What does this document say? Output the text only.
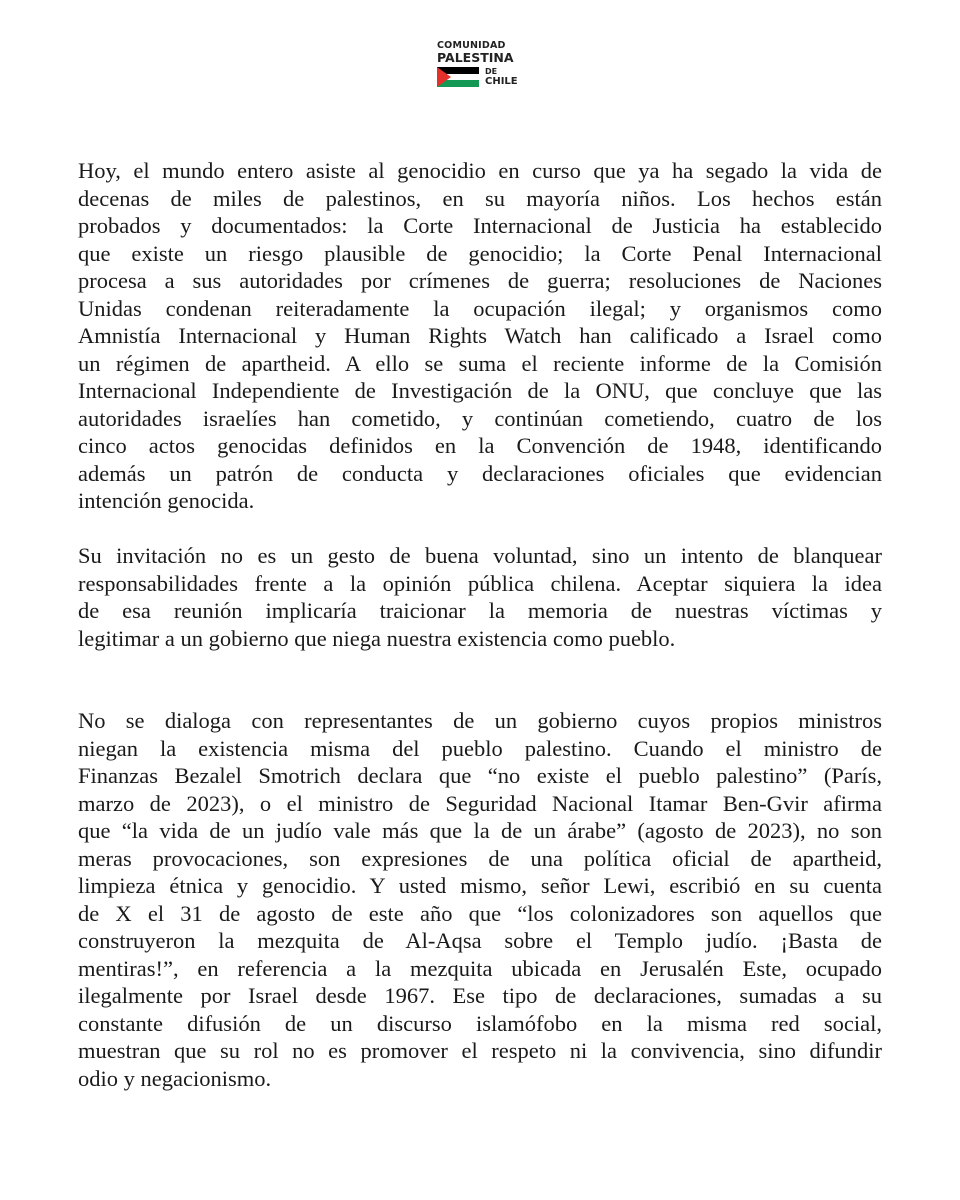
COMUNIDAD
PALESTINA
DE
CHILE
Hoy, el mundo entero asiste al genocidio en curso que ya ha segado la vida de
decenas de miles de palestinos, en su mayoría niños. Los hechos están
probados y documentados: la Corte Internacional de Justicia ha establecido
que existe un riesgo plausible de genocidio; la Corte Penal Internacional
procesa a sus autoridades por crímenes de guerra; resoluciones de Naciones
Unidas condenan reiteradamente la ocupación ilegal; y organismos como
Amnistía Internacional y Human Rights Watch han calificado a Israel como
un régimen de apartheid. A ello se suma el reciente informe de la Comisión
Internacional Independiente de Investigación de la ONU, que concluye que las
autoridades israelíes han cometido, y continúan cometiendo, cuatro de los
cinco actos genocidas definidos en la Convención de 1948, identificando
además un patrón de conducta y declaraciones oficiales que evidencian
intención genocida.
Su invitación no es un gesto de buena voluntad, sino un intento de blanquear
responsabilidades frente a la opinión pública chilena. Aceptar siquiera la idea
de esa reunión implicaría traicionar la memoria de nuestras víctimas y
legitimar a un gobierno que niega nuestra existencia como pueblo.
No se dialoga con representantes de un gobierno cuyos propios ministros
niegan la existencia misma del pueblo palestino. Cuando el ministro de
Finanzas Bezalel Smotrich declara que “no existe el pueblo palestino” (París,
marzo de 2023), o el ministro de Seguridad Nacional Itamar Ben-Gvir afirma
que “la vida de un judío vale más que la de un árabe” (agosto de 2023), no son
meras provocaciones, son expresiones de una política oficial de apartheid,
limpieza étnica y genocidio. Y usted mismo, señor Lewi, escribió en su cuenta
de X el 31 de agosto de este año que “los colonizadores son aquellos que
construyeron la mezquita de Al-Aqsa sobre el Templo judío. ¡Basta de
mentiras!”, en referencia a la mezquita ubicada en Jerusalén Este, ocupado
ilegalmente por Israel desde 1967. Ese tipo de declaraciones, sumadas a su
constante difusión de un discurso islamófobo en la misma red social,
muestran que su rol no es promover el respeto ni la convivencia, sino difundir
odio y negacionismo.
